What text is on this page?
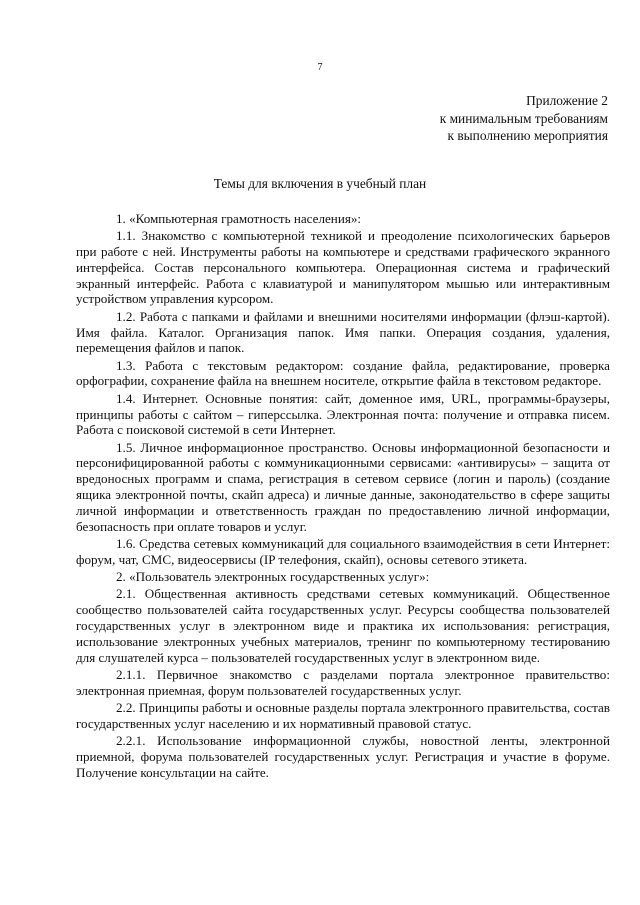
7
Приложение 2
к минимальным требованиям
к выполнению мероприятия
Темы для включения в учебный план

1. «Компьютерная грамотность населения»:

1.1. Знакомство с компьютерной техникой и преодоление психологических барьеров при работе с ней. Инструменты работы на компьютере и средствами графического экранного интерфейса. Состав персонального компьютера. Операционная система и графический экранный интерфейс. Работа с клавиатурой и манипулятором мышью или интерактивным устройством управления курсором.

1.2. Работа с папками и файлами и внешними носителями информации (флэш-картой). Имя файла. Каталог. Организация папок. Имя папки. Операция создания, удаления, перемещения файлов и папок.

1.3. Работа с текстовым редактором: создание файла, редактирование, проверка орфографии, сохранение файла на внешнем носителе, открытие файла в текстовом редакторе.

1.4. Интернет. Основные понятия: сайт, доменное имя, URL, программы-браузеры, принципы работы с сайтом – гиперссылка. Электронная почта: получение и отправка писем. Работа с поисковой системой в сети Интернет.

1.5. Личное информационное пространство. Основы информационной безопасности и персонифицированной работы с коммуникационными сервисами: «антивирусы» – защита от вредоносных программ и спама, регистрация в сетевом сервисе (логин и пароль) (создание ящика электронной почты, скайп адреса) и личные данные, законодательство в сфере защиты личной информации и ответственность граждан по предоставлению личной информации, безопасность при оплате товаров и услуг.

1.6. Средства сетевых коммуникаций для социального взаимодействия в сети Интернет: форум, чат, СМС, видеосервисы (IP телефония, скайп), основы сетевого этикета.

2. «Пользователь электронных государственных услуг»:

2.1. Общественная активность средствами сетевых коммуникаций. Общественное сообщество пользователей сайта государственных услуг. Ресурсы сообщества пользователей государственных услуг в электронном виде и практика их использования: регистрация, использование электронных учебных материалов, тренинг по компьютерному тестированию для слушателей курса – пользователей государственных услуг в электронном виде.

2.1.1. Первичное знакомство с разделами портала электронное правительство: электронная приемная, форум пользователей государственных услуг.

2.2. Принципы работы и основные разделы портала электронного правительства, состав государственных услуг населению и их нормативный правовой статус.

2.2.1. Использование информационной службы, новостной ленты, электронной приемной, форума пользователей государственных услуг. Регистрация и участие в форуме. Получение консультации на сайте.
